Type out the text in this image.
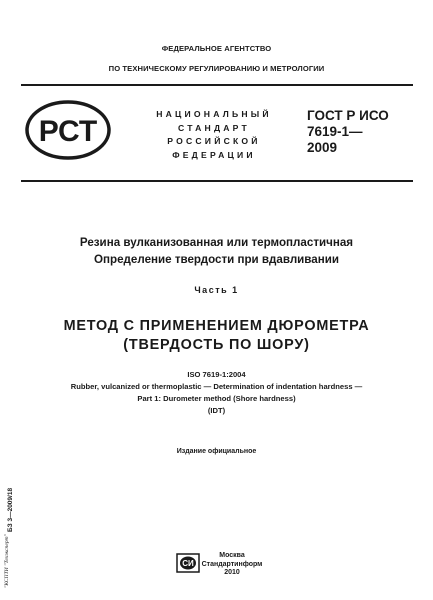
ФЕДЕРАЛЬНОЕ АГЕНТСТВО
ПО ТЕХНИЧЕСКОМУ РЕГУЛИРОВАНИЮ И МЕТРОЛОГИИ
РСТ
НАЦИОНАЛЬНЫЙ
СТАНДАРТ
РОССИЙСКОЙ
ФЕДЕРАЦИИ
ГОСТ Р ИСО
7619-1—
2009
Резина вулканизованная или термопластичная
Определение твердости при вдавливании
Часть 1
МЕТОД С ПРИМЕНЕНИЕМ ДЮРОМЕТРА
(ТВЕРДОСТЬ ПО ШОРУ)
ISO 7619-1:2004
Rubber, vulcanized or thermoplastic — Determination of indentation hardness —
Part 1: Durometer method (Shore hardness)
(IDT)
Издание официальное
БЗ 3—2009/18
"КСПТИ "Техэксперт"	СИ
Москва
Стандартинформ
2010
